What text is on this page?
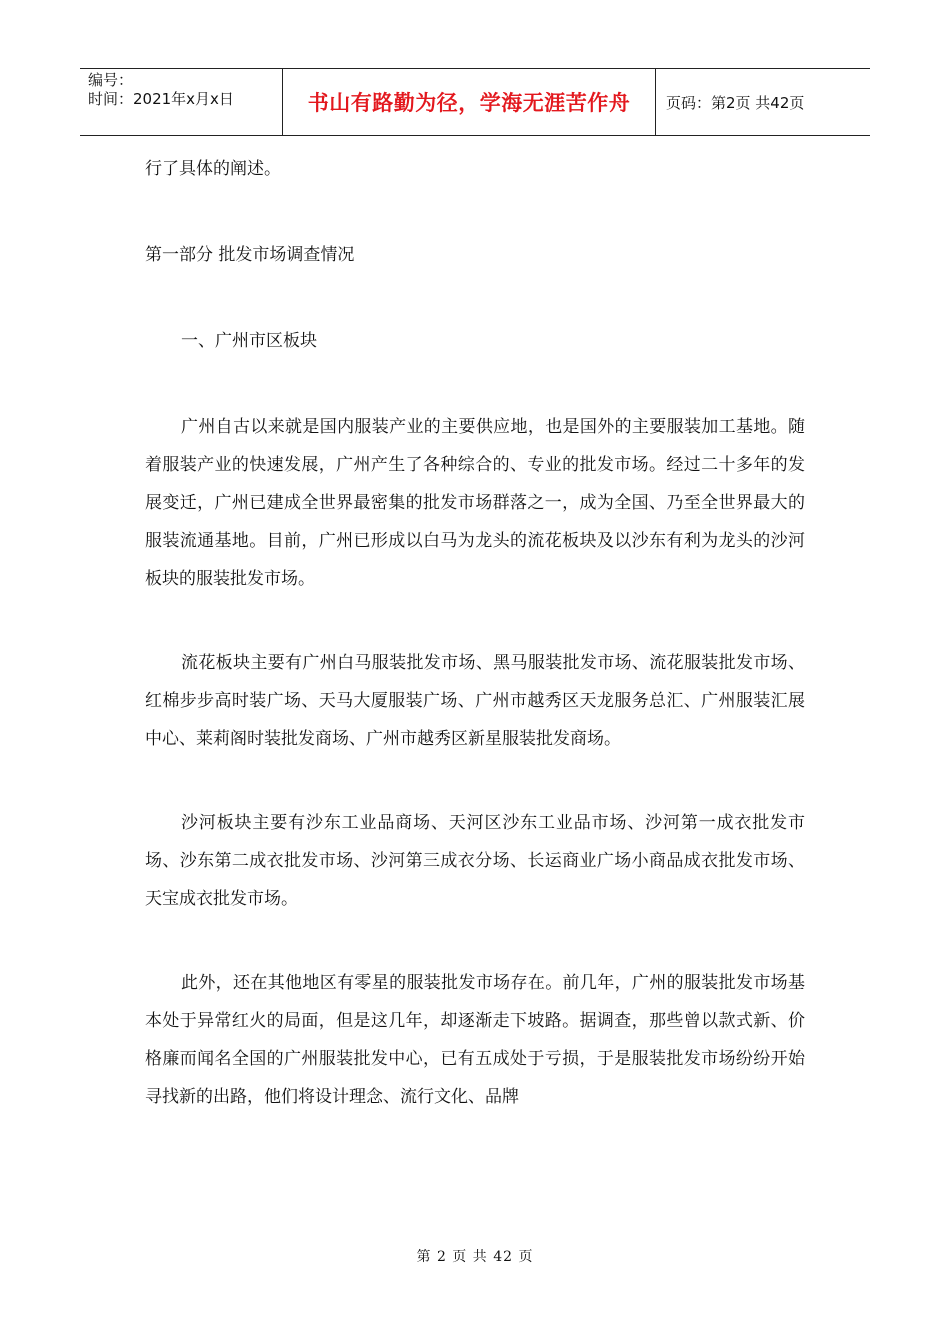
编号：
时间：2021年x月x日	书山有路勤为径，学海无涯苦作舟	页码：第2页 共42页

行了具体的阐述。

第一部分 批发市场调查情况

一、广州市区板块

广州自古以来就是国内服装产业的主要供应地，也是国外的主要服装加工基地。随着服装产业的快速发展，广州产生了各种综合的、专业的批发市场。经过二十多年的发展变迁，广州已建成全世界最密集的批发市场群落之一，成为全国、乃至全世界最大的服装流通基地。目前，广州已形成以白马为龙头的流花板块及以沙东有利为龙头的沙河板块的服装批发市场。

流花板块主要有广州白马服装批发市场、黑马服装批发市场、流花服装批发市场、红棉步步高时装广场、天马大厦服装广场、广州市越秀区天龙服务总汇、广州服装汇展中心、莱莉阁时装批发商场、广州市越秀区新星服装批发商场。

沙河板块主要有沙东工业品商场、天河区沙东工业品市场、沙河第一成衣批发市场、沙东第二成衣批发市场、沙河第三成衣分场、长运商业广场小商品成衣批发市场、天宝成衣批发市场。

此外，还在其他地区有零星的服装批发市场存在。前几年，广州的服装批发市场基本处于异常红火的局面，但是这几年，却逐渐走下坡路。据调查，那些曾以款式新、价格廉而闻名全国的广州服装批发中心，已有五成处于亏损，于是服装批发市场纷纷开始寻找新的出路，他们将设计理念、流行文化、品牌

第 2 页 共 42 页
